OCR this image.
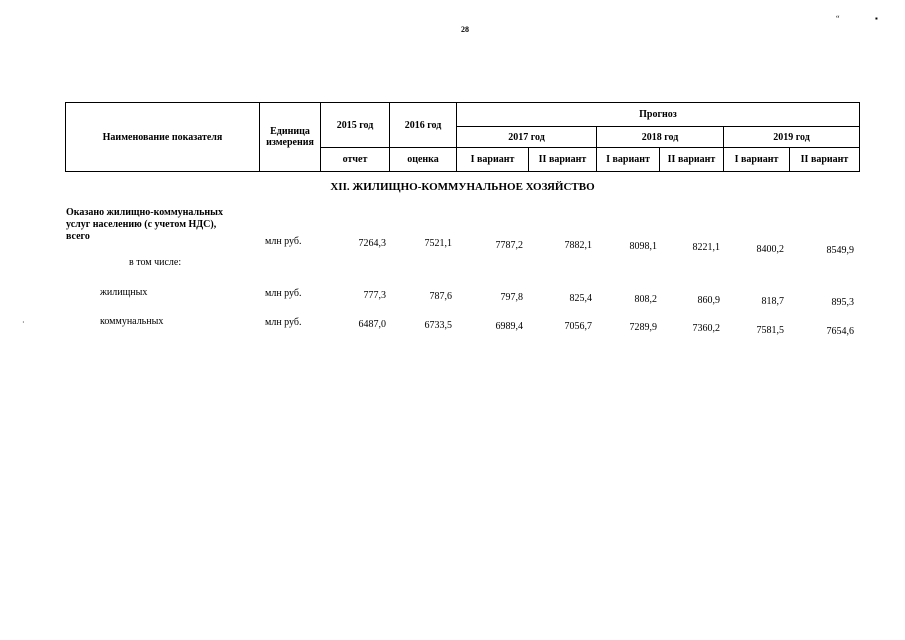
28
“	▪
·
Наименование показателя	Единица измерения	2015 год	2016 год	Прогноз					
				2017 год		2018 год		2019 год	
		отчет	оценка	I вариант	II вариант	I вариант	II вариант	I вариант	II вариант
XII. ЖИЛИЩНО-КОММУНАЛЬНОЕ ХОЗЯЙСТВО
Оказано жилищно-коммунальных
услуг населению (с учетом НДС),
всего	млн руб.	7264,3	7521,1	7787,2	7882,1	8098,1	8221,1	8400,2	8549,9
в том числе:
жилищных	млн руб.	777,3	787,6	797,8	825,4	808,2	860,9	818,7	895,3
коммунальных	млн руб.	6487,0	6733,5	6989,4	7056,7	7289,9	7360,2	7581,5	7654,6
